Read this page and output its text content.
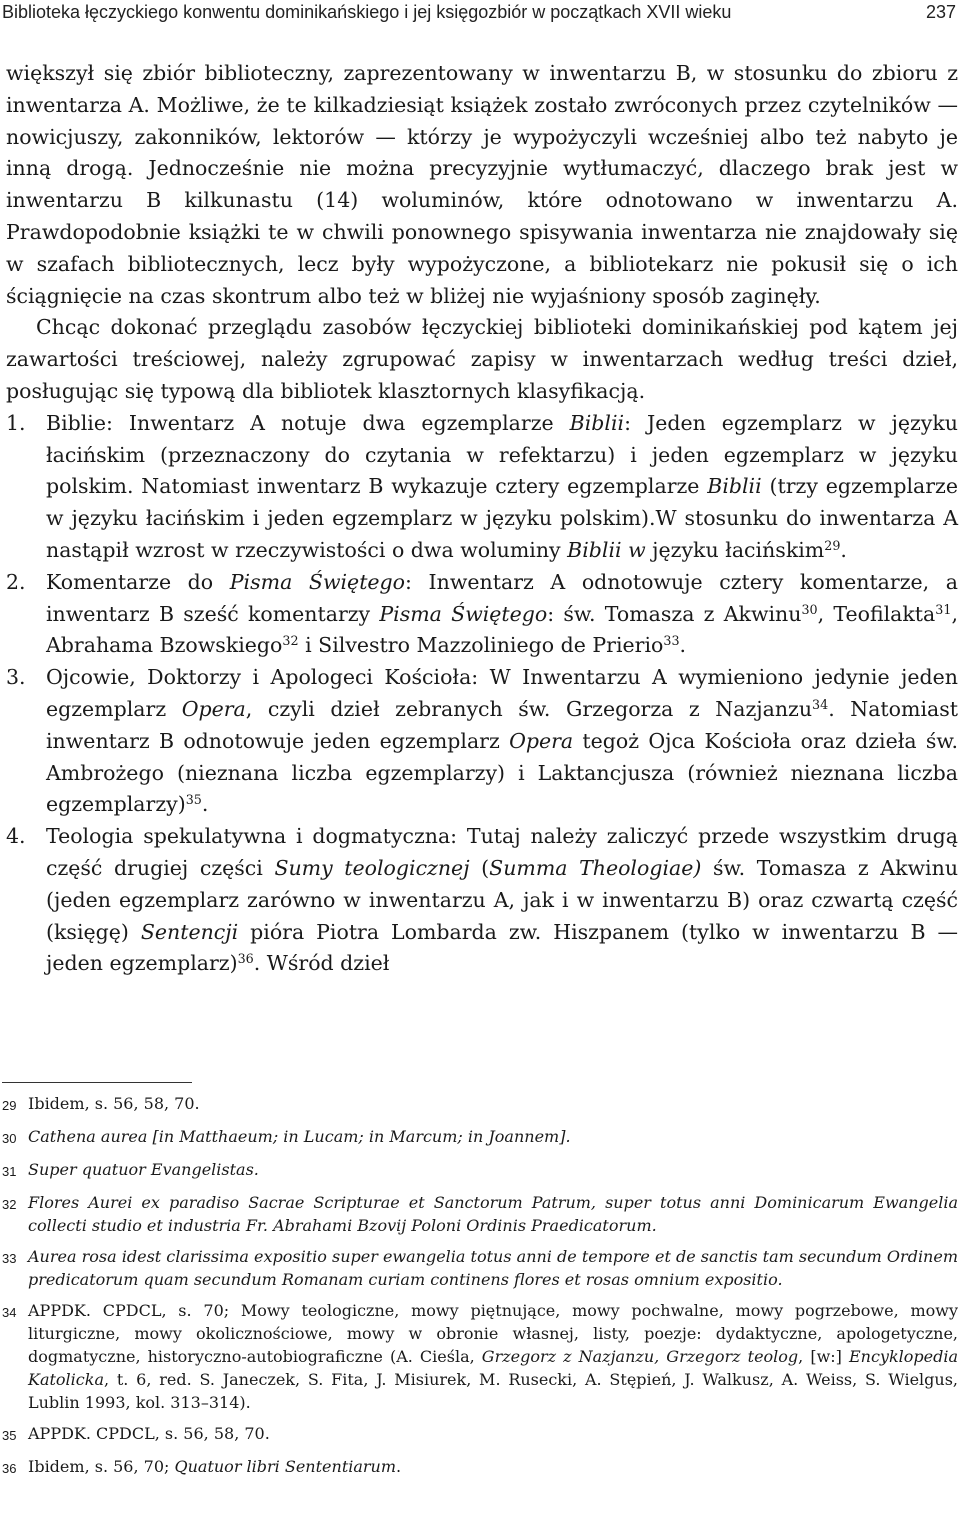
Biblioteka łęczyckiego konwentu dominikańskiego i jej księgozbiór w początkach XVII wieku	237

większył się zbiór biblioteczny, zaprezentowany w inwentarzu B, w stosunku do zbioru z inwentarza A. Możliwe, że te kilkadziesiąt książek zostało zwróconych przez czytelników — nowicjuszy, zakonników, lektorów — którzy je wypożyczyli wcześniej albo też nabyto je inną drogą. Jednocześnie nie można precyzyjnie wytłumaczyć, dlaczego brak jest w inwentarzu B kilkunastu (14) woluminów, które odnotowano w inwentarzu A. Prawdopodobnie książki te w chwili ponownego spisywania inwentarza nie znajdowały się w szafach bibliotecznych, lecz były wypożyczone, a bibliotekarz nie pokusił się o ich ściągnięcie na czas skontrum albo też w bliżej nie wyjaśniony sposób zaginęły.

Chcąc dokonać przeglądu zasobów łęczyckiej biblioteki dominikańskiej pod kątem jej zawartości treściowej, należy zgrupować zapisy w inwentarzach według treści dzieł, posługując się typową dla bibliotek klasztornych klasyfikacją.

1. Biblie: Inwentarz A notuje dwa egzemplarze Biblii: Jeden egzemplarz w języku łacińskim (przeznaczony do czytania w refektarzu) i jeden egzemplarz w języku polskim. Natomiast inwentarz B wykazuje cztery egzemplarze Biblii (trzy egzemplarze w języku łacińskim i jeden egzemplarz w języku polskim).W stosunku do inwentarza A nastąpił wzrost w rzeczywistości o dwa woluminy Biblii w języku łacińskim$^{29}$.
2. Komentarze do Pisma Świętego: Inwentarz A odnotowuje cztery komentarze, a inwentarz B sześć komentarzy Pisma Świętego: św. Tomasza z Akwinu$^{30}$, Teofilakta$^{31}$, Abrahama Bzowskiego$^{32}$ i Silvestro Mazzoliniego de Prierio$^{33}$.
3. Ojcowie, Doktorzy i Apologeci Kościoła: W Inwentarzu A wymieniono jedynie jeden egzemplarz Opera, czyli dzieł zebranych św. Grzegorza z Nazjanzu$^{34}$. Natomiast inwentarz B odnotowuje jeden egzemplarz Opera tegoż Ojca Kościoła oraz dzieła św. Ambrożego (nieznana liczba egzemplarzy) i Laktancjusza (również nieznana liczba egzemplarzy)$^{35}$.
4. Teologia spekulatywna i dogmatyczna: Tutaj należy zaliczyć przede wszystkim drugą część drugiej części Sumy teologicznej (Summa Theologiae) św. Tomasza z Akwinu (jeden egzemplarz zarówno w inwentarzu A, jak i w inwentarzu B) oraz czwartą część (księgę) Sentencji pióra Piotra Lombarda zw. Hiszpanem (tylko w inwentarzu B — jeden egzemplarz)$^{36}$. Wśród dzieł
29 Ibidem, s. 56, 58, 70.
30 Cathena aurea [in Matthaeum; in Lucam; in Marcum; in Joannem].
31 Super quatuor Evangelistas.
32 Flores Aurei ex paradiso Sacrae Scripturae et Sanctorum Patrum, super totus anni Dominicarum Ewangelia collecti studio et industria Fr. Abrahami Bzovij Poloni Ordinis Praedicatorum.
33 Aurea rosa idest clarissima expositio super ewangelia totus anni de tempore et de sanctis tam secundum Ordinem predicatorum quam secundum Romanam curiam continens flores et rosas omnium expositio.
34 APPDK. CPDCL, s. 70; Mowy teologiczne, mowy piętnujące, mowy pochwalne, mowy pogrzebowe, mowy liturgiczne, mowy okolicznościowe, mowy w obronie własnej, listy, poezje: dydaktyczne, apologetyczne, dogmatyczne, historyczno-autobiograficzne (A. Cieśla, Grzegorz z Nazjanzu, Grzegorz teolog, [w:] Encyklopedia Katolicka, t. 6, red. S. Janeczek, S. Fita, J. Misiurek, M. Rusecki, A. Stępień, J. Walkusz, A. Weiss, S. Wielgus, Lublin 1993, kol. 313–314).
35 APPDK. CPDCL, s. 56, 58, 70.
36 Ibidem, s. 56, 70; Quatuor libri Sententiarum.
